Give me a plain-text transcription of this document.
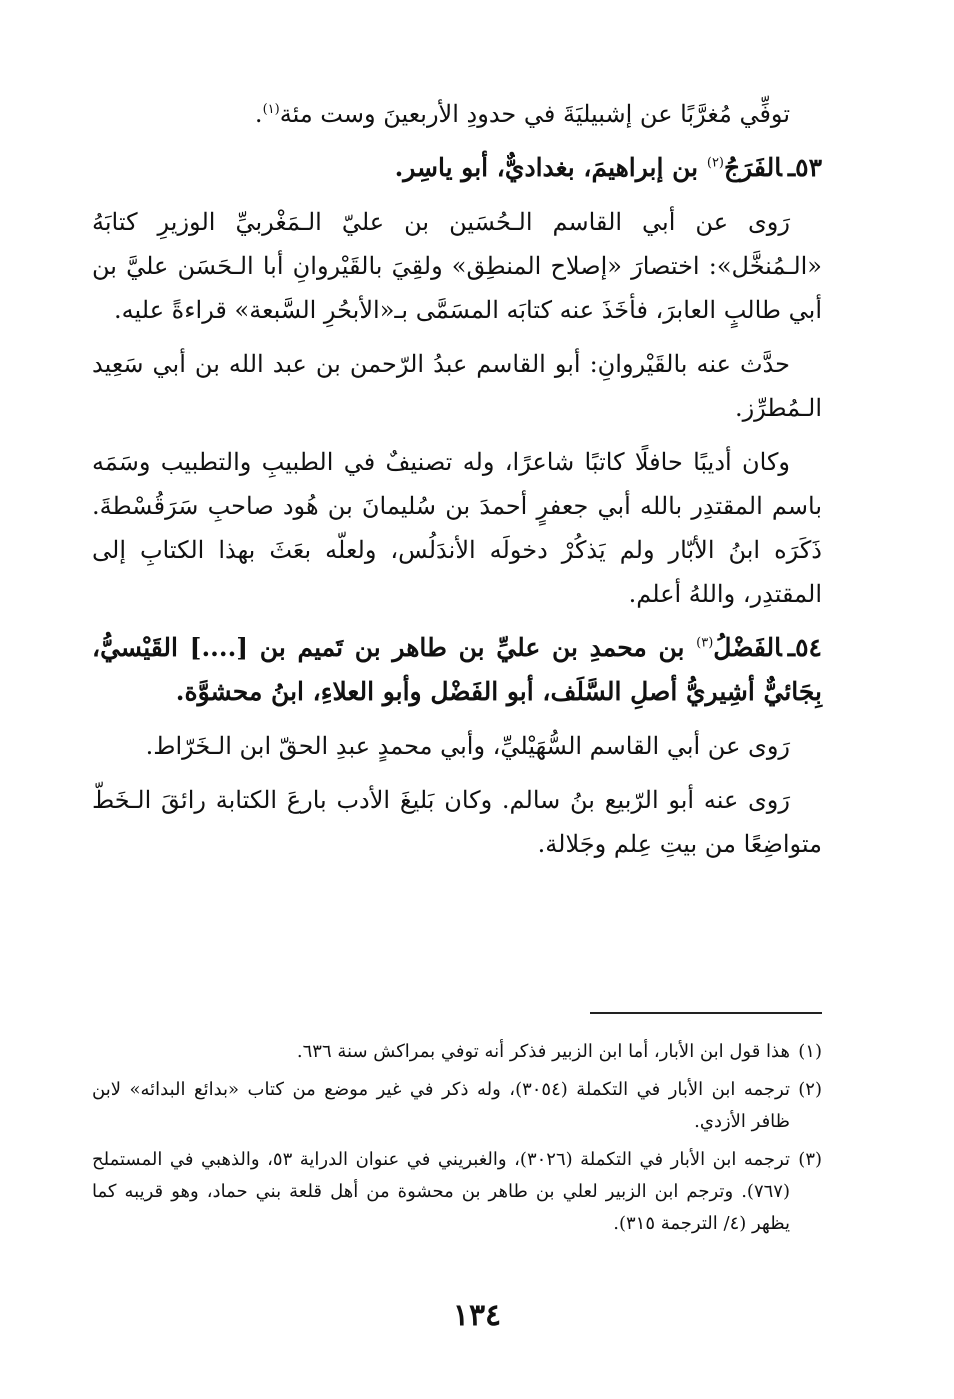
توفِّي مُغرَّبًا عن إشبيليَةَ في حدودِ الأربعينَ وست مئة$^{(١)}$.

٥٣ـالفَرَجُ$^{(٢)}$ بن إبراهيمَ، بغداديٌّ، أبو ياسِر.

رَوى عن أبي القاسم الـحُسَين بن عليّ الـمَغْربيِّ الوزيرِ كتابَهُ «الـمُنخَّل»: اختصارَ «إصلاح المنطِق» ولقِيَ بالقَيْروانِ أبا الـحَسَن عليَّ بن أبي طالبٍ العابرَ، فأخَذَ عنه كتابَه المسَمَّى بـ«الأبحُرِ السَّبعة» قراءةً عليه.

حدَّث عنه بالقَيْروانِ: أبو القاسم عبدُ الرّحمن بن عبد الله بن أبي سَعِيد الـمُطرِّز.

وكان أديبًا حافلًا كاتبًا شاعرًا، وله تصنيفٌ في الطبيبِ والتطبيب وسَمَه باسم المقتدِر بالله أبي جعفرٍ أحمدَ بن سُليمانَ بن هُود صاحبِ سَرَقُسْطةَ. ذَكَرَه ابنُ الأبّار ولم يَذكُرْ دخولَه الأندَلُس، ولعلّه بعَثَ بهذا الكتابِ إلى المقتدِر، واللهُ أعلم.

٥٤ـالفَضْلُ$^{(٣)}$ بن محمدِ بن عليِّ بن طاهر بن تَميم بن [....] القَيْسيُّ، بِجَائيٌّ أشِيريُّ أصلِ السَّلَف، أبو الفَضْل وأبو العلاءِ، ابنُ محشوَّة.

رَوى عن أبي القاسم السُّهَيْليِّ، وأبي محمدٍ عبدِ الحقّ ابن الـخَرّاط.

رَوى عنه أبو الرّبيع بنُ سالم. وكان بَليغَ الأدب بارعَ الكتابة رائقَ الـخَطّ متواضِعًا من بيتِ عِلم وجَلالة.

(١)هذا قول ابن الأبار، أما ابن الزبير فذكر أنه توفي بمراكش سنة ٦٣٦.

(٢)ترجمه ابن الأبار في التكملة (٣٠٥٤)، وله ذكر في غير موضع من كتاب «بدائع البدائه» لابن ظافر الأزدي.

(٣)ترجمه ابن الأبار في التكملة (٣٠٢٦)، والغبريني في عنوان الدراية ٥٣، والذهبي في المستملح (٧٦٧). وترجم ابن الزبير لعلي بن طاهر بن محشوة من أهل قلعة بني حماد، وهو قريبه كما يظهر (٤/ الترجمة ٣١٥).

١٣٤
